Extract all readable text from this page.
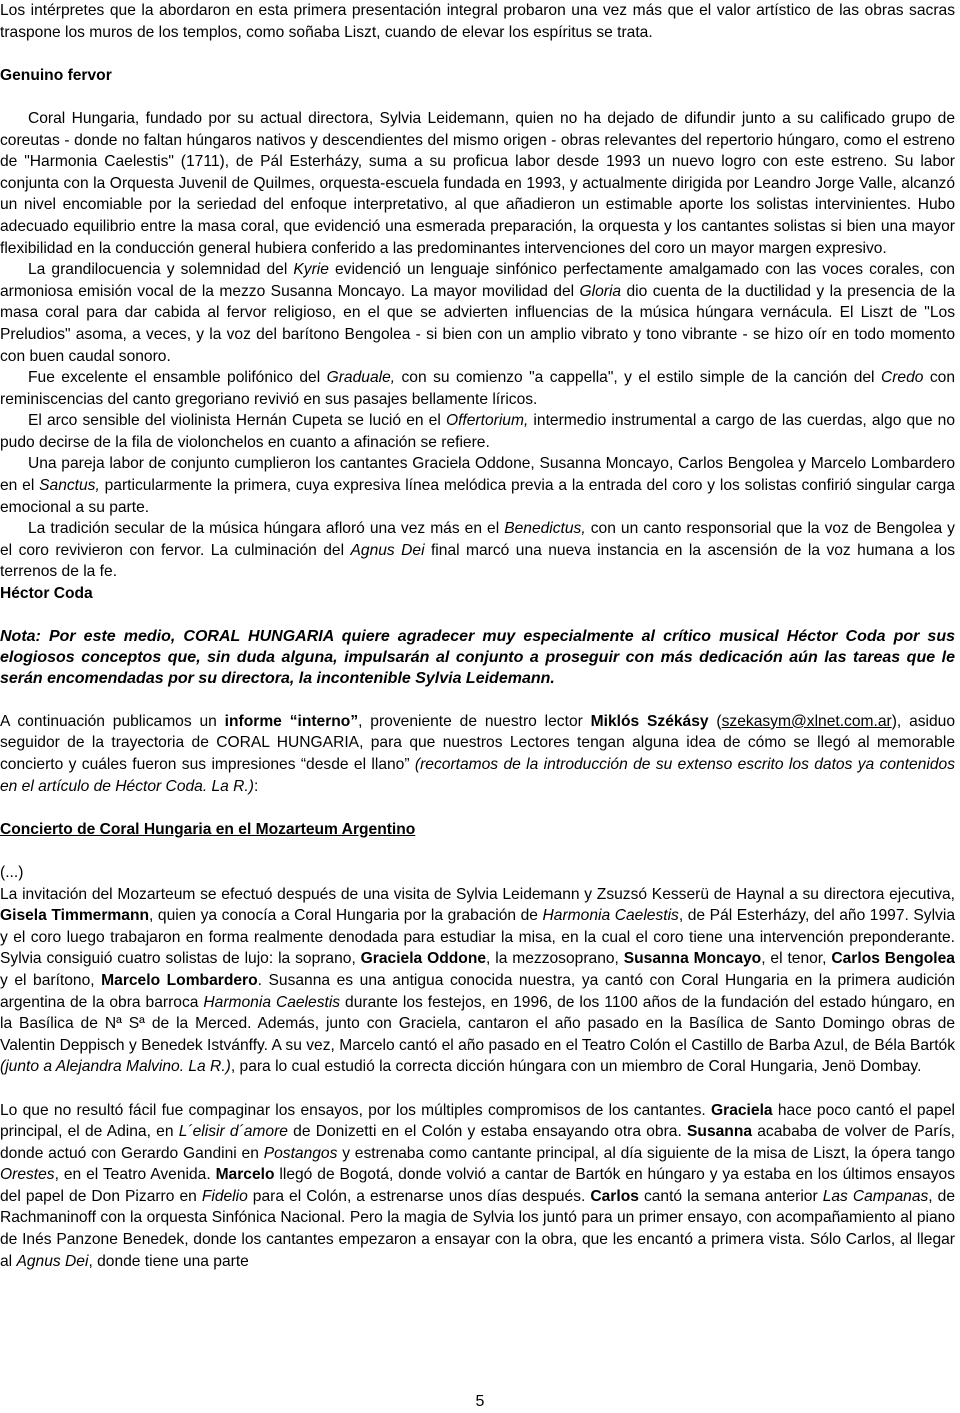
Los intérpretes que la abordaron en esta primera presentación integral probaron una vez más que el valor artístico de las obras sacras traspone los muros de los templos, como soñaba Liszt, cuando de elevar los espíritus se trata.

Genuino fervor

Coral Hungaria, fundado por su actual directora, Sylvia Leidemann, quien no ha dejado de difundir junto a su calificado grupo de coreutas - donde no faltan húngaros nativos y descendientes del mismo origen - obras relevantes del repertorio húngaro, como el estreno de "Harmonia Caelestis" (1711), de Pál Esterházy, suma a su proficua labor desde 1993 un nuevo logro con este estreno. Su labor conjunta con la Orquesta Juvenil de Quilmes, orquesta-escuela fundada en 1993, y actualmente dirigida por Leandro Jorge Valle, alcanzó un nivel encomiable por la seriedad del enfoque interpretativo, al que añadieron un estimable aporte los solistas intervinientes. Hubo adecuado equilibrio entre la masa coral, que evidenció una esmerada preparación, la orquesta y los cantantes solistas si bien una mayor flexibilidad en la conducción general hubiera conferido a las predominantes intervenciones del coro un mayor margen expresivo.

La grandilocuencia y solemnidad del Kyrie evidenció un lenguaje sinfónico perfectamente amalgamado con las voces corales, con armoniosa emisión vocal de la mezzo Susanna Moncayo. La mayor movilidad del Gloria dio cuenta de la ductilidad y la presencia de la masa coral para dar cabida al fervor religioso, en el que se advierten influencias de la música húngara vernácula. El Liszt de "Los Preludios" asoma, a veces, y la voz del barítono Bengolea - si bien con un amplio vibrato y tono vibrante - se hizo oír en todo momento con buen caudal sonoro.

Fue excelente el ensamble polifónico del Graduale, con su comienzo "a cappella", y el estilo simple de la canción del Credo con reminiscencias del canto gregoriano revivió en sus pasajes bellamente líricos.

El arco sensible del violinista Hernán Cupeta se lució en el Offertorium, intermedio instrumental a cargo de las cuerdas, algo que no pudo decirse de la fila de violonchelos en cuanto a afinación se refiere.

Una pareja labor de conjunto cumplieron los cantantes Graciela Oddone, Susanna Moncayo, Carlos Bengolea y Marcelo Lombardero en el Sanctus, particularmente la primera, cuya expresiva línea melódica previa a la entrada del coro y los solistas confirió singular carga emocional a su parte.

La tradición secular de la música húngara afloró una vez más en el Benedictus, con un canto responsorial que la voz de Bengolea y el coro revivieron con fervor. La culminación del Agnus Dei final marcó una nueva instancia en la ascensión de la voz humana a los terrenos de la fe.

Héctor Coda

Nota: Por este medio, CORAL HUNGARIA quiere agradecer muy especialmente al crítico musical Héctor Coda por sus elogiosos conceptos que, sin duda alguna, impulsarán al conjunto a proseguir con más dedicación aún las tareas que le serán encomendadas por su directora, la incontenible Sylvia Leidemann.

A continuación publicamos un informe “interno”, proveniente de nuestro lector Miklós Székásy (szekasym@xlnet.com.ar), asiduo seguidor de la trayectoria de CORAL HUNGARIA, para que nuestros Lectores tengan alguna idea de cómo se llegó al memorable concierto y cuáles fueron sus impresiones “desde el llano” (recortamos de la introducción de su extenso escrito los datos ya contenidos en el artículo de Héctor Coda. La R.):

Concierto de Coral Hungaria en el Mozarteum Argentino

(...)

La invitación del Mozarteum se efectuó después de una visita de Sylvia Leidemann y Zsuzsó Kesserü de Haynal a su directora ejecutiva, Gisela Timmermann, quien ya conocía a Coral Hungaria por la grabación de Harmonia Caelestis, de Pál Esterházy, del año 1997. Sylvia y el coro luego trabajaron en forma realmente denodada para estudiar la misa, en la cual el coro tiene una intervención preponderante. Sylvia consiguió cuatro solistas de lujo: la soprano, Graciela Oddone, la mezzosoprano, Susanna Moncayo, el tenor, Carlos Bengolea y el barítono, Marcelo Lombardero. Susanna es una antigua conocida nuestra, ya cantó con Coral Hungaria en la primera audición argentina de la obra barroca Harmonia Caelestis durante los festejos, en 1996, de los 1100 años de la fundación del estado húngaro, en la Basílica de Nª Sª de la Merced. Además, junto con Graciela, cantaron el año pasado en la Basílica de Santo Domingo obras de Valentin Deppisch y Benedek Istvánffy. A su vez, Marcelo cantó el año pasado en el Teatro Colón el Castillo de Barba Azul, de Béla Bartók (junto a Alejandra Malvino. La R.), para lo cual estudió la correcta dicción húngara con un miembro de Coral Hungaria, Jenö Dombay.

Lo que no resultó fácil fue compaginar los ensayos, por los múltiples compromisos de los cantantes. Graciela hace poco cantó el papel principal, el de Adina, en L´elisir d´amore de Donizetti en el Colón y estaba ensayando otra obra. Susanna acababa de volver de París, donde actuó con Gerardo Gandini en Postangos y estrenaba como cantante principal, al día siguiente de la misa de Liszt, la ópera tango Orestes, en el Teatro Avenida. Marcelo llegó de Bogotá, donde volvió a cantar de Bartók en húngaro y ya estaba en los últimos ensayos del papel de Don Pizarro en Fidelio para el Colón, a estrenarse unos días después. Carlos cantó la semana anterior Las Campanas, de Rachmaninoff con la orquesta Sinfónica Nacional. Pero la magia de Sylvia los juntó para un primer ensayo, con acompañamiento al piano de Inés Panzone Benedek, donde los cantantes empezaron a ensayar con la obra, que les encantó a primera vista. Sólo Carlos, al llegar al Agnus Dei, donde tiene una parte

5
